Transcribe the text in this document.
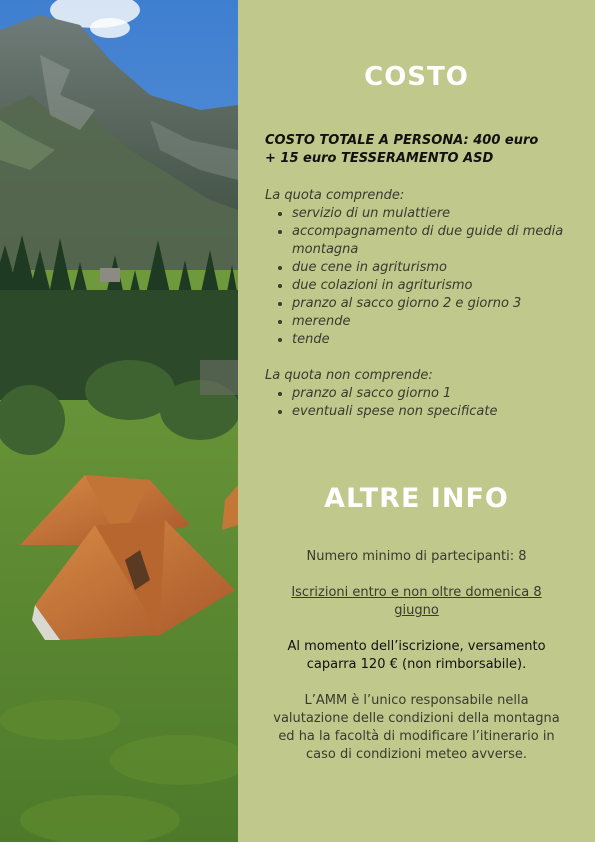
COSTO
COSTO TOTALE A PERSONA: 400 euro
+ 15 euro TESSERAMENTO ASD
La quota comprende:
servizio di un mulattiere
accompagnamento di due guide di media montagna
due cene in agriturismo
due colazioni in agriturismo
pranzo al sacco giorno 2 e giorno 3
merende
tende
La quota non comprende:
pranzo al sacco giorno 1
eventuali spese non specificate
ALTRE INFO
Numero minimo di partecipanti: 8
Iscrizioni entro e non oltre domenica 8 giugno
Al momento dell’iscrizione, versamento caparra 120 € (non rimborsabile).
L’AMM è l’unico responsabile nella valutazione delle condizioni della montagna ed ha la facoltà di modificare l’itinerario in caso di condizioni meteo avverse.
